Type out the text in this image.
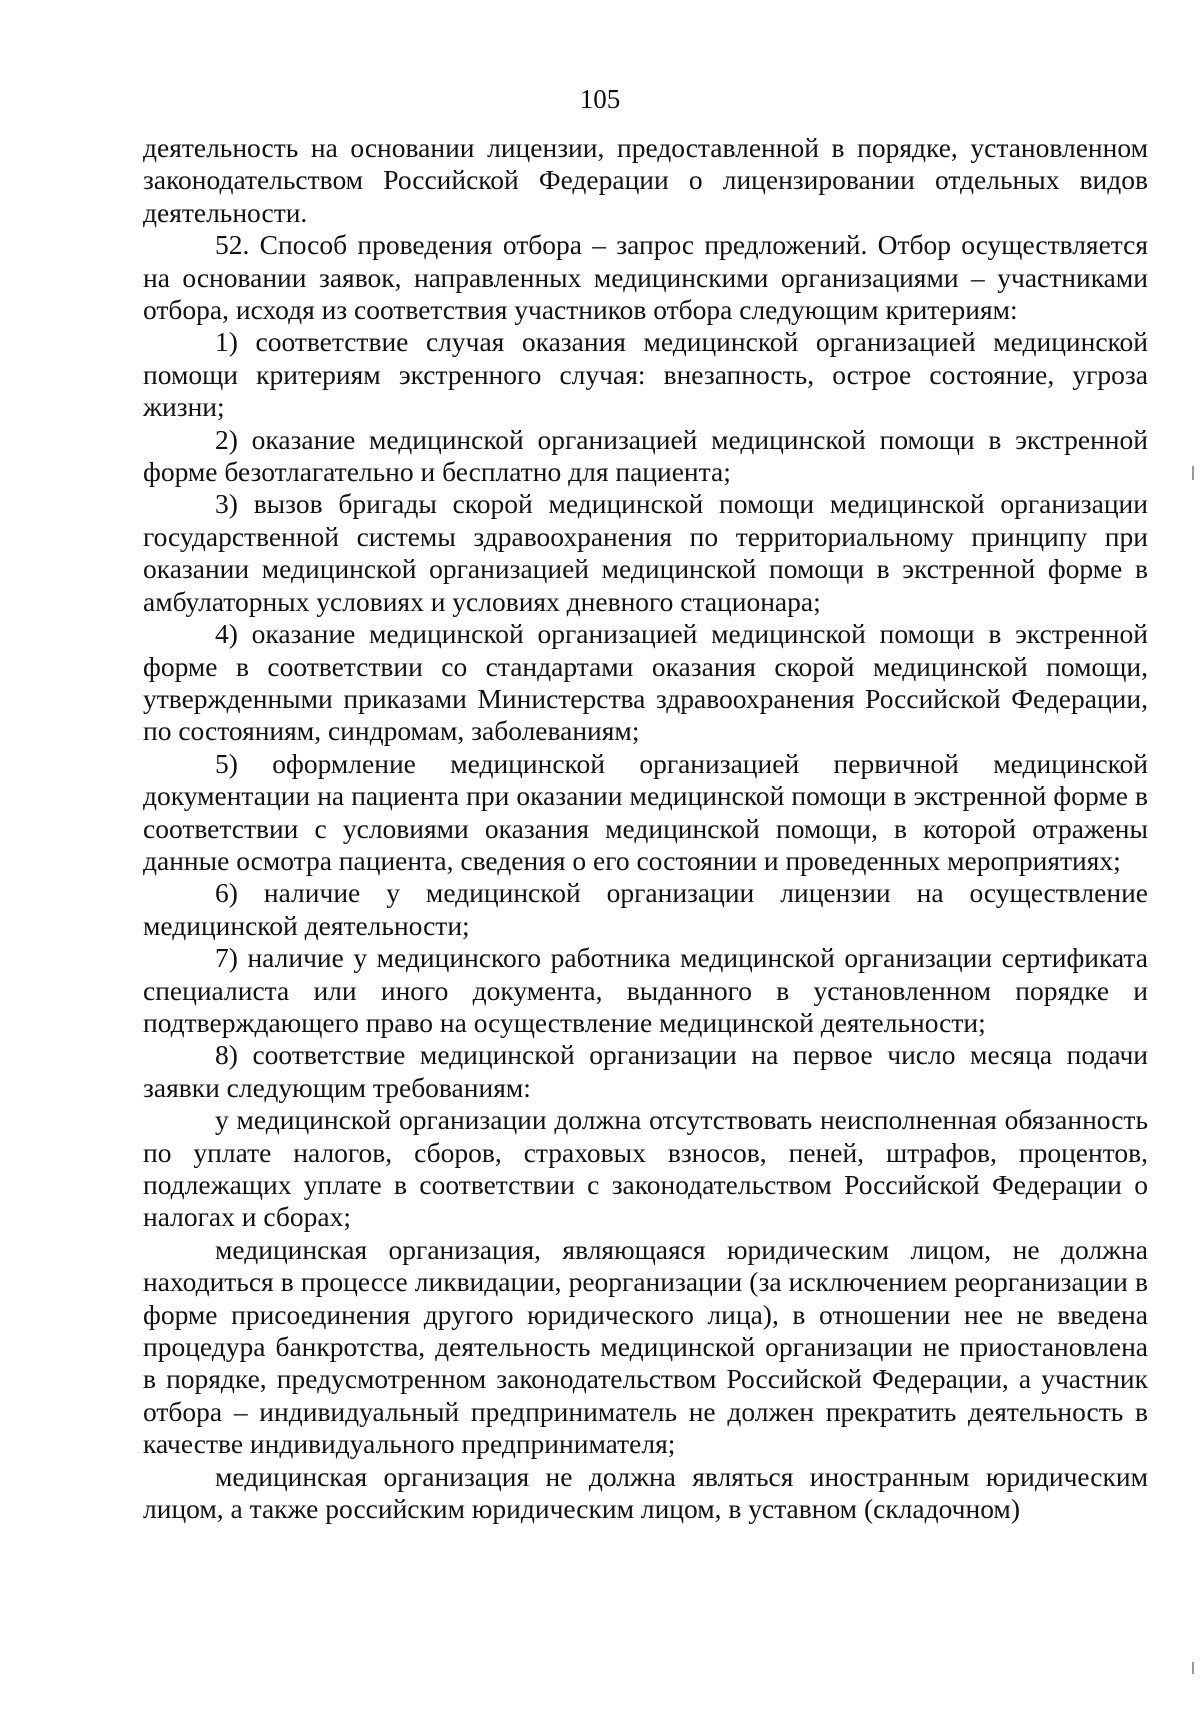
105

деятельность на основании лицензии, предоставленной в порядке, установленном законодательством Российской Федерации о лицензировании отдельных видов деятельности.

52. Способ проведения отбора – запрос предложений. Отбор осуществляется на основании заявок, направленных медицинскими организациями – участниками отбора, исходя из соответствия участников отбора следующим критериям:

1) соответствие случая оказания медицинской организацией медицинской помощи критериям экстренного случая: внезапность, острое состояние, угроза жизни;

2) оказание медицинской организацией медицинской помощи в экстренной форме безотлагательно и бесплатно для пациента;

3) вызов бригады скорой медицинской помощи медицинской организации государственной системы здравоохранения по территориальному принципу при оказании медицинской организацией медицинской помощи в экстренной форме в амбулаторных условиях и условиях дневного стационара;

4) оказание медицинской организацией медицинской помощи в экстренной форме в соответствии со стандартами оказания скорой медицинской помощи, утвержденными приказами Министерства здравоохранения Российской Федерации, по состояниям, синдромам, заболеваниям;

5) оформление медицинской организацией первичной медицинской документации на пациента при оказании медицинской помощи в экстренной форме в соответствии с условиями оказания медицинской помощи, в которой отражены данные осмотра пациента, сведения о его состоянии и проведенных мероприятиях;

6) наличие у медицинской организации лицензии на осуществление медицинской деятельности;

7) наличие у медицинского работника медицинской организации сертификата специалиста или иного документа, выданного в установленном порядке и подтверждающего право на осуществление медицинской деятельности;

8) соответствие медицинской организации на первое число месяца подачи заявки следующим требованиям:

у медицинской организации должна отсутствовать неисполненная обязанность по уплате налогов, сборов, страховых взносов, пеней, штрафов, процентов, подлежащих уплате в соответствии с законодательством Российской Федерации о налогах и сборах;

медицинская организация, являющаяся юридическим лицом, не должна находиться в процессе ликвидации, реорганизации (за исключением реорганизации в форме присоединения другого юридического лица), в отношении нее не введена процедура банкротства, деятельность медицинской организации не приостановлена в порядке, предусмотренном законодательством Российской Федерации, а участник отбора – индивидуальный предприниматель не должен прекратить деятельность в качестве индивидуального предпринимателя;

медицинская организация не должна являться иностранным юридическим лицом, а также российским юридическим лицом, в уставном (складочном)
